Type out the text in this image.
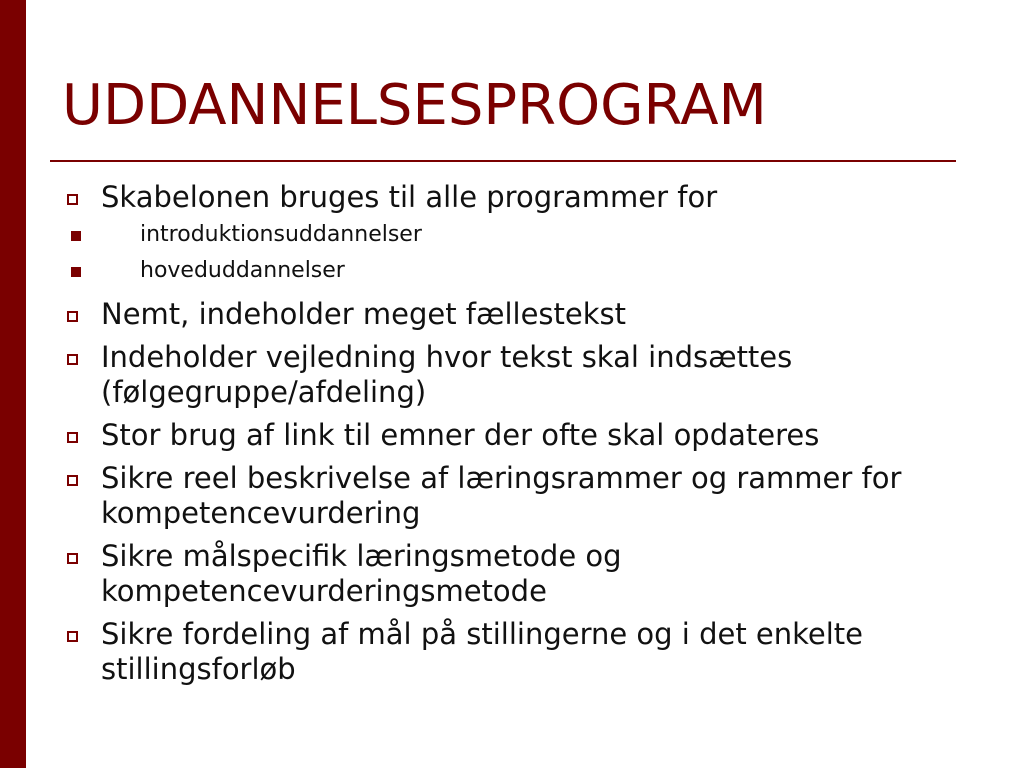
UDDANNELSESPROGRAM
Skabelonen bruges til alle programmer for
introduktionsuddannelser
hoveduddannelser
Nemt, indeholder meget fællestekst
Indeholder vejledning hvor tekst skal indsættes (følgegruppe/afdeling)
Stor brug af link til emner der ofte skal opdateres
Sikre reel beskrivelse af læringsrammer og rammer for kompetencevurdering
Sikre målspecifik læringsmetode og kompetencevurderingsmetode
Sikre fordeling af mål på stillingerne og i det enkelte stillingsforløb
